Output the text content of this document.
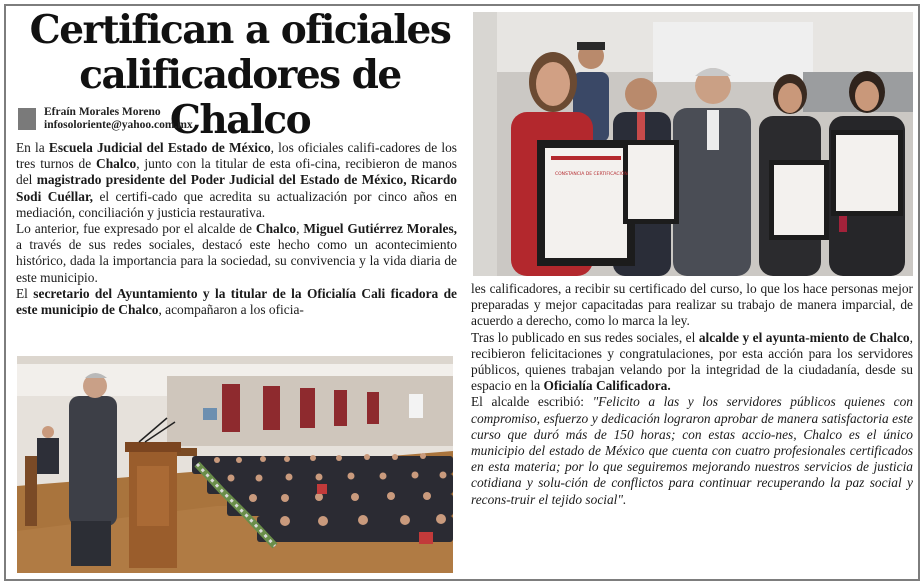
Certifican a oficiales
calificadores de Chalco
Efraín Morales Moreno
infosoloriente@yahoo.com.mx

En la Escuela Judicial del Estado de México, los oficiales califi-cadores de los tres turnos de Chalco, junto con la titular de esta ofi-cina, recibieron de manos del magistrado presidente del Poder Judicial del Estado de México, Ricardo Sodi Cuéllar, el certifi-cado que acredita su actualización por cinco años en mediación, conciliación y justicia restaurativa.

Lo anterior, fue expresado por el alcalde de Chalco, Miguel Gutiérrez Morales, a través de sus redes sociales, destacó este hecho como un acontecimiento histórico, dada la importancia para la sociedad, su convivencia y la vida diaria de este municipio.

El secretario del Ayuntamiento y la titular de la Oficialía Cali ficadora de este municipio de Chalco, acompañaron a los oficia-

les calificadores, a recibir su certificado del curso, lo que los hace personas mejor preparadas y mejor capacitadas para realizar su trabajo de manera imparcial, de acuerdo a derecho, como lo marca la ley.

Tras lo publicado en sus redes sociales, el alcalde y el ayunta-miento de Chalco, recibieron felicitaciones y congratulaciones, por esta acción para los servidores públicos, quienes trabajan velando por la integridad de la ciudadanía, desde su espacio en la Oficialía Calificadora.

El alcalde escribió: "Felicito a las y los servidores públicos quienes con compromiso, esfuerzo y dedicación lograron aprobar de manera satisfactoria este curso que duró más de 150 horas; con estas accio-nes, Chalco es el único municipio del estado de México que cuenta con cuatro profesionales certificados en esta materia; por lo que seguiremos mejorando nuestros servicios de justicia cotidiana y solu-ción de conflictos para continuar recuperando la paz social y recons-truir el tejido social".

CONSTANCIA DE CERTIFICACIÓN
